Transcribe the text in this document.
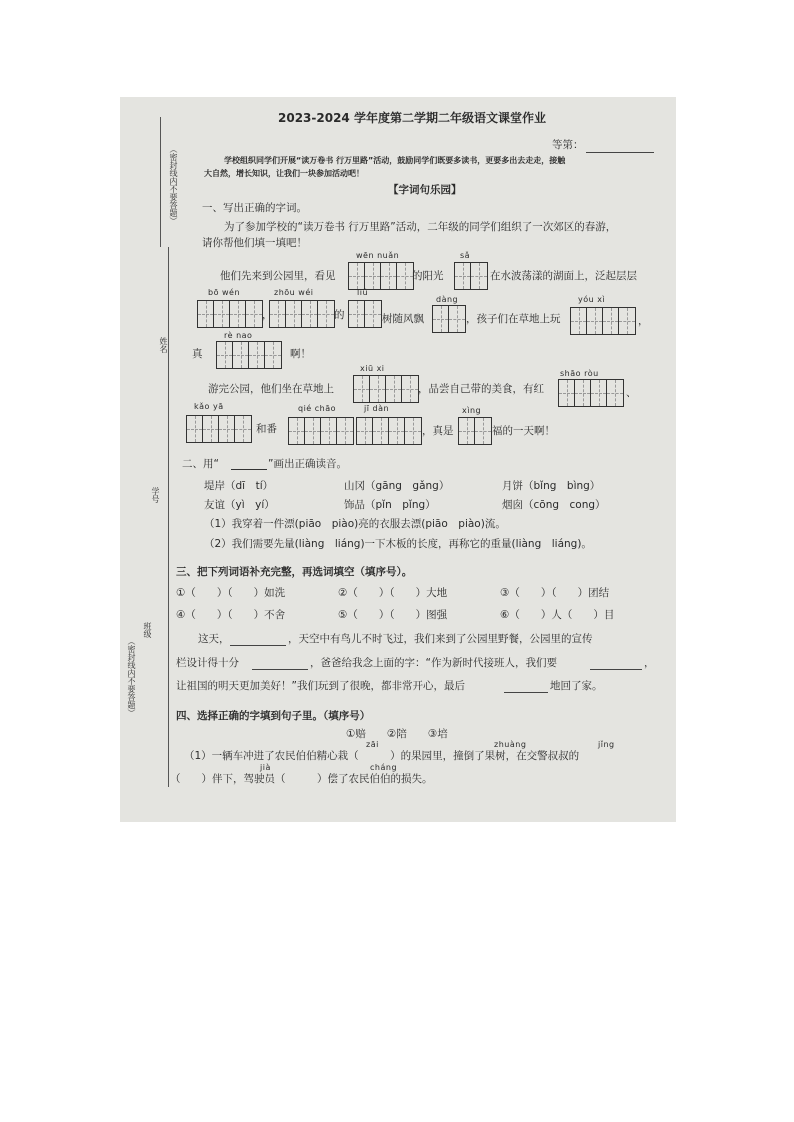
（密封线内不要答题）
姓名
学号
班级
（密封线内不要答题）
2023-2024 学年度第二学期二年级语文课堂作业
等第：
学校组织同学们开展“读万卷书 行万里路”活动，鼓励同学们既要多读书，更要多出去走走，接触
大自然，增长知识，让我们一块参加活动吧！
【字词句乐园】
一、写出正确的字词。
为了参加学校的“读万卷书 行万里路”活动，二年级的同学们组织了一次郊区的春游，
请你帮他们填一填吧！
wēn nuǎn	sǎ
他们先来到公园里，看见	的阳光	在水波荡漾的湖面上，泛起层层
bō wén	zhōu wéi	liǔ
dàng	yóu xì
，	的	树随风飘	，孩子们在草地上玩	，
rè nao
真	啊！
xiū xi
shāo ròu
游完公园，他们坐在草地上	，品尝自己带的美食，有红	、
kǎo yā	qié chāo	jī dàn	xìng
和番	，真是	福的一天啊！
二、用“	”画出正确读音。
堤岸（dī　tí）	山冈（gāng　gǎng）	月饼（bǐng　bìng）
友谊（yì　yí）	饰品（pǐn　pǐng）	烟囱（cōng　cong）
（1）我穿着一件漂(piāo　piào)亮的衣服去漂(piāo　piào)流。
（2）我们需要先量(liàng　liáng)一下木板的长度，再称它的重量(liàng　liáng)。
三、把下列词语补充完整，再选词填空（填序号）。
①（　　）（　　）如洗	②（　　）（　　）大地	③（　　）（　　）团结
④（　　）（　　）不舍	⑤（　　）（　　）图强	⑥（　　）人（　　）目
这天，	，天空中有鸟儿不时飞过，我们来到了公园里野餐，公园里的宣传
栏设计得十分	，爸爸给我念上面的字：“作为新时代接班人，我们要	，
让祖国的明天更加美好！”我们玩到了很晚，都非常开心，最后	地回了家。
四、选择正确的字填到句子里。（填序号）
①赔　　②陪　　③培
zāi	zhuàng	jǐng
（1）一辆车冲进了农民伯伯精心栽（　　　）的果园里，撞倒了果树，在交警叔叔的
jià	cháng
（　　）伴下，驾驶员（　　　）偿了农民伯伯的损失。
